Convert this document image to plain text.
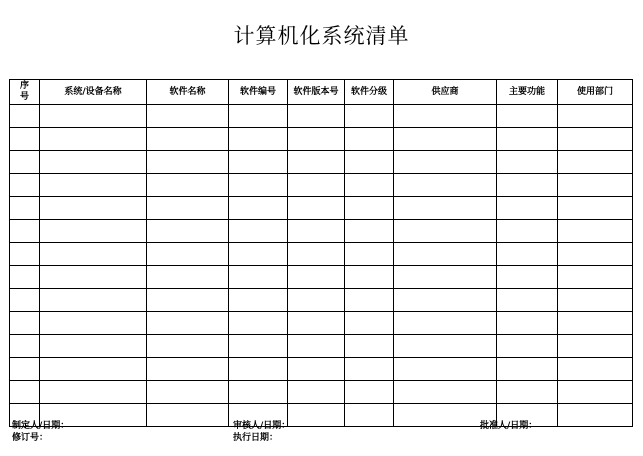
计算机化系统清单
序号	系统/设备名称	软件名称	软件编号	软件版本号	软件分级	供应商	主要功能	使用部门

制定人/日期：
修订号：
审核人/日期：
执行日期：
批准人/日期：
